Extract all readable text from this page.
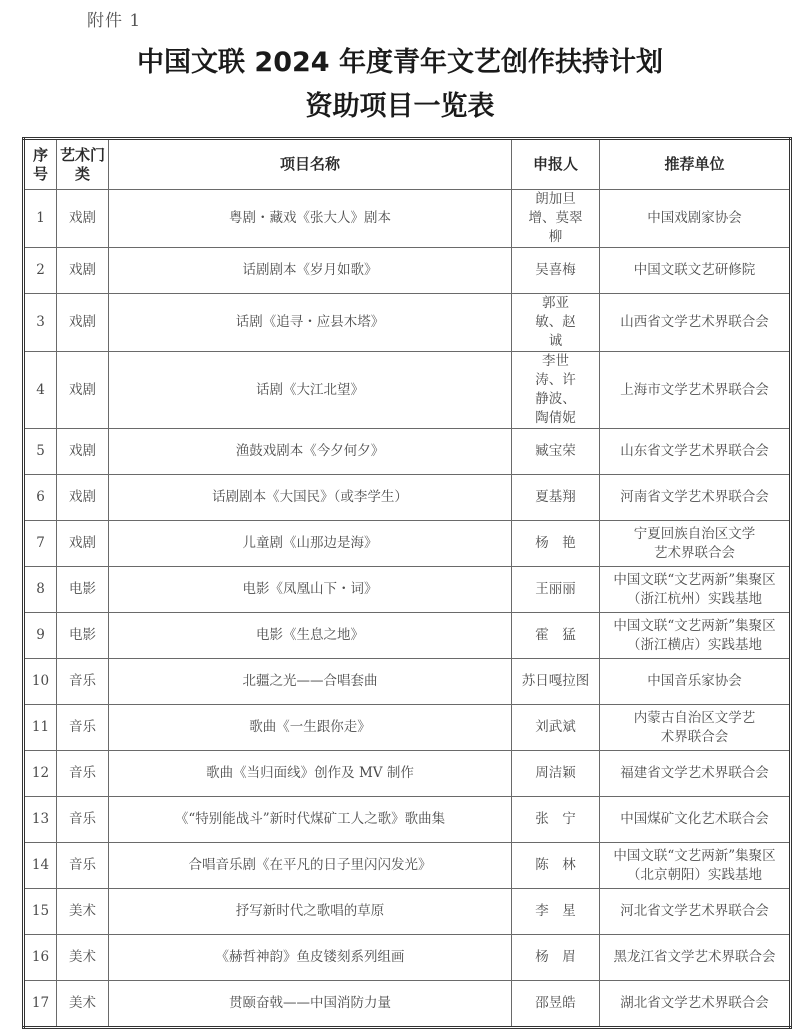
附件 1
中国文联 2024 年度青年文艺创作扶持计划
资助项目一览表
序号	艺术门类	项目名称	申报人	推荐单位
1	戏剧	粤剧・藏戏《张大人》剧本	朗加旦增、莫翠柳	中国戏剧家协会
2	戏剧	话剧剧本《岁月如歌》	吴喜梅	中国文联文艺研修院
3	戏剧	话剧《追寻・应县木塔》	郭亚敏、赵诚	山西省文学艺术界联合会
4	戏剧	话剧《大江北望》	李世涛、许静波、陶倩妮	上海市文学艺术界联合会
5	戏剧	渔鼓戏剧本《今夕何夕》	臧宝荣	山东省文学艺术界联合会
6	戏剧	话剧剧本《大国民》（或李学生）	夏基翔	河南省文学艺术界联合会
7	戏剧	儿童剧《山那边是海》	杨　艳	宁夏回族自治区文学艺术界联合会
8	电影	电影《凤凰山下・词》	王丽丽	中国文联“文艺两新”集聚区（浙江杭州）实践基地
9	电影	电影《生息之地》	霍　猛	中国文联“文艺两新”集聚区（浙江横店）实践基地
10	音乐	北疆之光——合唱套曲	苏日嘎拉图	中国音乐家协会
11	音乐	歌曲《一生跟你走》	刘武斌	内蒙古自治区文学艺术界联合会
12	音乐	歌曲《当归面线》创作及 MV 制作	周洁颖	福建省文学艺术界联合会
13	音乐	《“特别能战斗”新时代煤矿工人之歌》歌曲集	张　宁	中国煤矿文化艺术联合会
14	音乐	合唱音乐剧《在平凡的日子里闪闪发光》	陈　林	中国文联“文艺两新”集聚区（北京朝阳）实践基地
15	美术	抒写新时代之歌唱的草原	李　星	河北省文学艺术界联合会
16	美术	《赫哲神韵》鱼皮镂刻系列组画	杨　眉	黑龙江省文学艺术界联合会
17	美术	贯颐奋戟——中国消防力量	邵昱皓	湖北省文学艺术界联合会
